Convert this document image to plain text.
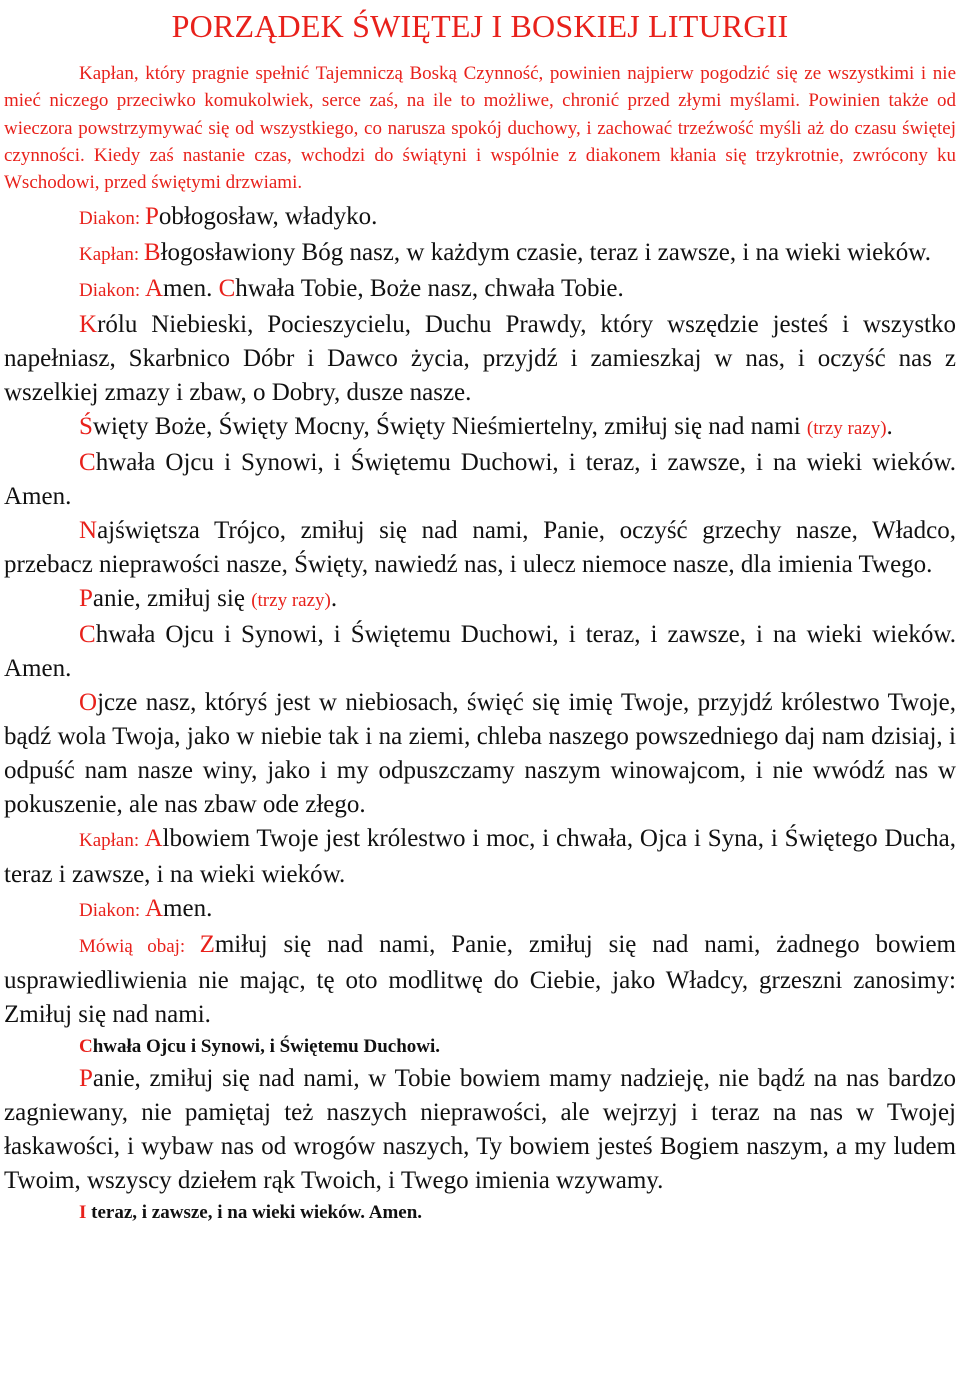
PORZĄDEK ŚWIĘTEJ I BOSKIEJ LITURGII

Kapłan, który pragnie spełnić Tajemniczą Boską Czynność, powinien najpierw pogodzić się ze wszystkimi i nie mieć niczego przeciwko komukolwiek, serce zaś, na ile to możliwe, chronić przed złymi myślami. Powinien także od wieczora powstrzymywać się od wszystkiego, co narusza spokój duchowy, i zachować trzeźwość myśli aż do czasu świętej czynności. Kiedy zaś nastanie czas, wchodzi do świątyni i wspólnie z diakonem kłania się trzykrotnie, zwrócony ku Wschodowi, przed świętymi drzwiami.

Diakon: Pobłogosław, władyko.

Kapłan: Błogosławiony Bóg nasz, w każdym czasie, teraz i zawsze, i na wieki wieków.

Diakon: Amen. Chwała Tobie, Boże nasz, chwała Tobie.

Królu Niebieski, Pocieszycielu, Duchu Prawdy, który wszędzie jesteś i wszystko napełniasz, Skarbnico Dóbr i Dawco życia, przyjdź i zamieszkaj w nas, i oczyść nas z wszelkiej zmazy i zbaw, o Dobry, dusze nasze.

Święty Boże, Święty Mocny, Święty Nieśmiertelny, zmiłuj się nad nami (trzy razy).

Chwała Ojcu i Synowi, i Świętemu Duchowi, i teraz, i zawsze, i na wieki wieków. Amen.

Najświętsza Trójco, zmiłuj się nad nami, Panie, oczyść grzechy nasze, Władco, przebacz nieprawości nasze, Święty, nawiedź nas, i ulecz niemoce nasze, dla imienia Twego.

Panie, zmiłuj się (trzy razy).

Chwała Ojcu i Synowi, i Świętemu Duchowi, i teraz, i zawsze, i na wieki wieków. Amen.

Ojcze nasz, któryś jest w niebiosach, święć się imię Twoje, przyjdź królestwo Twoje, bądź wola Twoja, jako w niebie tak i na ziemi, chleba naszego powszedniego daj nam dzisiaj, i odpuść nam nasze winy, jako i my odpuszczamy naszym winowajcom, i nie wwódź nas w pokuszenie, ale nas zbaw ode złego.

Kapłan: Albowiem Twoje jest królestwo i moc, i chwała, Ojca i Syna, i Świętego Ducha, teraz i zawsze, i na wieki wieków.

Diakon: Amen.

Mówią obaj: Zmiłuj się nad nami, Panie, zmiłuj się nad nami, żadnego bowiem usprawiedliwienia nie mając, tę oto modlitwę do Ciebie, jako Władcy, grzeszni zanosimy: Zmiłuj się nad nami.

Chwała Ojcu i Synowi, i Świętemu Duchowi.

Panie, zmiłuj się nad nami, w Tobie bowiem mamy nadzieję, nie bądź na nas bardzo zagniewany, nie pamiętaj też naszych nieprawości, ale wejrzyj i teraz na nas w Twojej łaskawości, i wybaw nas od wrogów naszych, Ty bowiem jesteś Bogiem naszym, a my ludem Twoim, wszyscy dziełem rąk Twoich, i Twego imienia wzywamy.

I teraz, i zawsze, i na wieki wieków. Amen.
